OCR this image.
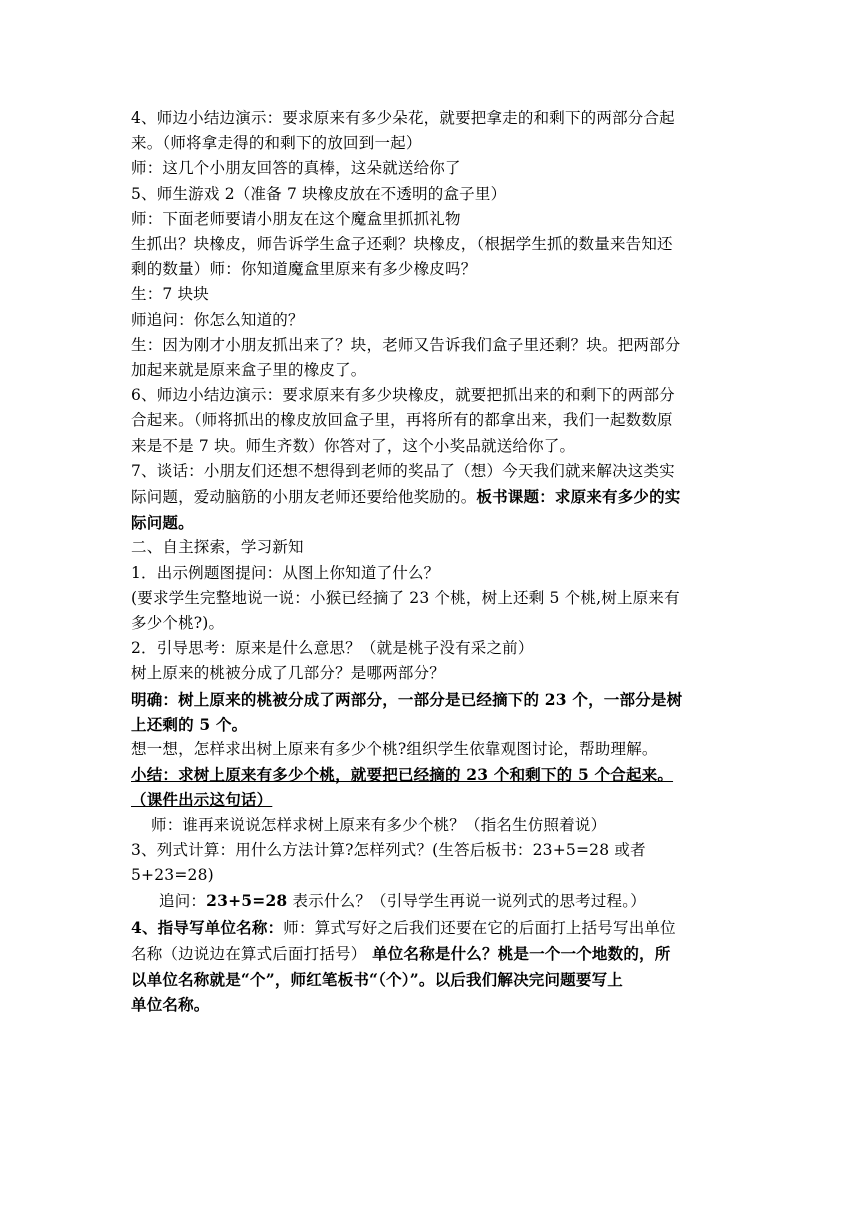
4、师边小结边演示：要求原来有多少朵花，就要把拿走的和剩下的两部分合起
来。（师将拿走得的和剩下的放回到一起）
师：这几个小朋友回答的真棒，这朵就送给你了
5、师生游戏 2（准备 7 块橡皮放在不透明的盒子里）
师：下面老师要请小朋友在这个魔盒里抓抓礼物
生抓出？块橡皮，师告诉学生盒子还剩？块橡皮，（根据学生抓的数量来告知还
剩的数量）师：你知道魔盒里原来有多少橡皮吗？
生：7 块块
师追问：你怎么知道的？
生：因为刚才小朋友抓出来了？块，老师又告诉我们盒子里还剩？块。把两部分
加起来就是原来盒子里的橡皮了。
6、师边小结边演示：要求原来有多少块橡皮，就要把抓出来的和剩下的两部分
合起来。（师将抓出的橡皮放回盒子里，再将所有的都拿出来，我们一起数数原
来是不是 7 块。师生齐数）你答对了，这个小奖品就送给你了。
7、谈话：小朋友们还想不想得到老师的奖品了（想）今天我们就来解决这类实
际问题，爱动脑筋的小朋友老师还要给他奖励的。板书课题：求原来有多少的实
际问题。
二、自主探索，学习新知
1．出示例题图提问：从图上你知道了什么？
(要求学生完整地说一说：小猴已经摘了 23 个桃，树上还剩 5 个桃,树上原来有
多少个桃?)。
2．引导思考：原来是什么意思？（就是桃子没有采之前）
树上原来的桃被分成了几部分？是哪两部分？
明确：树上原来的桃被分成了两部分，一部分是已经摘下的 23 个，一部分是树
上还剩的 5 个。
想一想，怎样求出树上原来有多少个桃?组织学生依靠观图讨论，帮助理解。
小结：求树上原来有多少个桃，就要把已经摘的 23 个和剩下的 5 个合起来。
（课件出示这句话）
师：谁再来说说怎样求树上原来有多少个桃？（指名生仿照着说）
3、列式计算：用什么方法计算?怎样列式？(生答后板书：23+5=28 或者
5+23=28)
追问：23+5=28 表示什么？（引导学生再说一说列式的思考过程。）
4、指导写单位名称：师：算式写好之后我们还要在它的后面打上括号写出单位
名称（边说边在算式后面打括号） 单位名称是什么？桃是一个一个地数的，所
以单位名称就是“个”，师红笔板书“（个）”。以后我们解决完问题要写上
单位名称。
